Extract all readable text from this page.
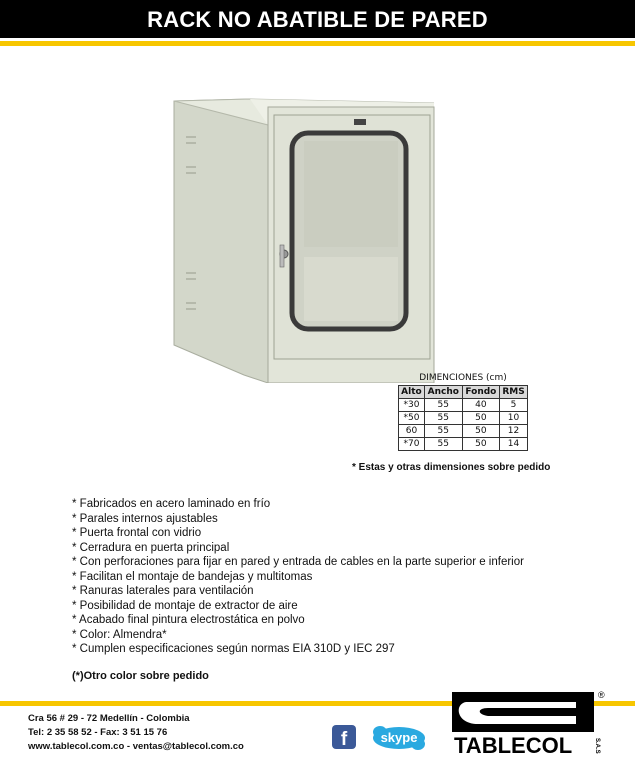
RACK NO ABATIBLE DE PARED
DIMENCIONES (cm)
Alto	Ancho	Fondo	RMS
*30	55	40	5
*50	55	50	10
60	55	50	12
*70	55	50	14
* Estas y otras dimensiones sobre pedido
* Fabricados en acero laminado en frío
* Parales internos ajustables
* Puerta frontal con vidrio
* Cerradura en puerta principal
* Con perforaciones para fijar en pared y entrada de cables en la parte superior e inferior
* Facilitan el montaje de bandejas y multitomas
* Ranuras laterales para ventilación
* Posibilidad de montaje de extractor de aire
* Acabado final pintura electrostática en polvo
* Color: Almendra*
* Cumplen especificaciones según normas EIA 310D y IEC 297
(*)Otro color sobre pedido
Cra 56 # 29 - 72 Medellín - Colombia
Tel: 2 35 58 52 - Fax: 3 51 15 76
www.tablecol.com.co - ventas@tablecol.com.co	f	skype
®
TABLECOL	S.A.S
